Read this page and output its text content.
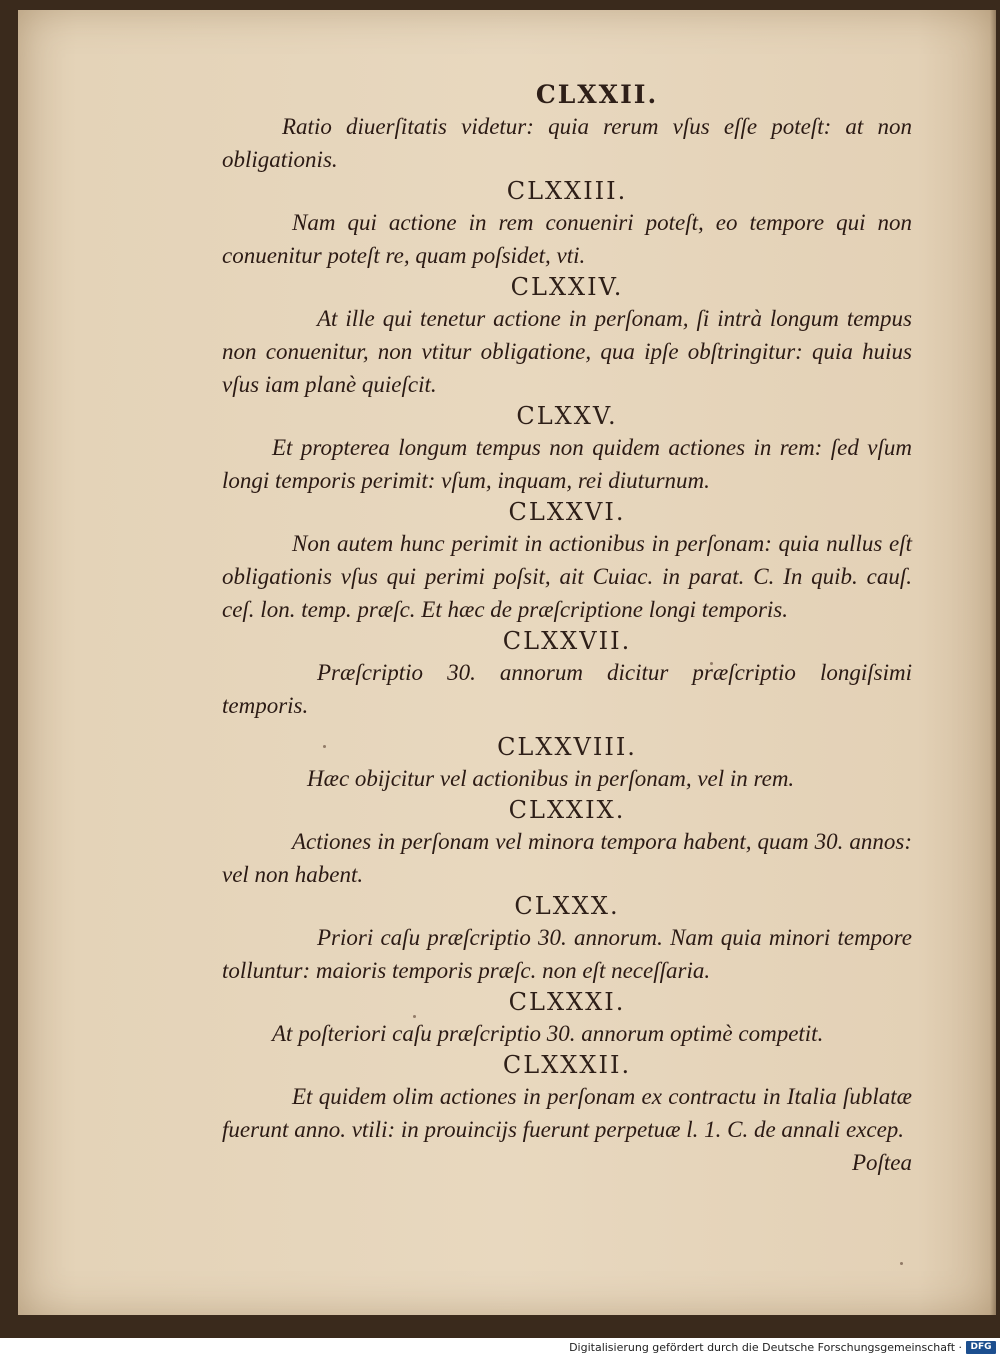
CLXXII.

Ratio diuerſitatis videtur: quia rerum vſus eſſe poteſt: at non obligationis.

CLXXIII.

Nam qui actione in rem conueniri poteſt, eo tempore qui non conuenitur poteſt re, quam poſsidet, vti.

CLXXIV.

At ille qui tenetur actione in perſonam, ſi intrà longum tempus non conuenitur, non vtitur obligatione, qua ipſe obſtringitur: quia huius vſus iam planè quieſcit.

CLXXV.

Et propterea longum tempus non quidem actiones in rem: ſed vſum longi temporis perimit: vſum, inquam, rei diuturnum.

CLXXVI.

Non autem hunc perimit in actionibus in perſonam: quia nullus eſt obligationis vſus qui perimi poſsit, ait Cuiac. in parat. C. In quib. cauſ. ceſ. lon. temp. præſc. Et hæc de præſcriptione longi temporis.

CLXXVII.

Præſcriptio 30. annorum dicitur præſcriptio longiſsimi temporis.

CLXXVIII.

Hæc obijcitur vel actionibus in perſonam, vel in rem.

CLXXIX.

Actiones in perſonam vel minora tempora habent, quam 30. annos: vel non habent.

CLXXX.

Priori caſu præſcriptio 30. annorum. Nam quia minori tempore tolluntur: maioris temporis præſc. non eſt neceſſaria.

CLXXXI.

At poſteriori caſu præſcriptio 30. annorum optimè competit.

CLXXXII.

Et quidem olim actiones in perſonam ex contractu in Italia ſublatæ fuerunt anno. vtili: in prouincijs fuerunt perpetuæ l. 1. C. de annali excep.

Poſtea
Digitalisierung gefördert durch die Deutsche Forschungsgemeinschaft · DFG
